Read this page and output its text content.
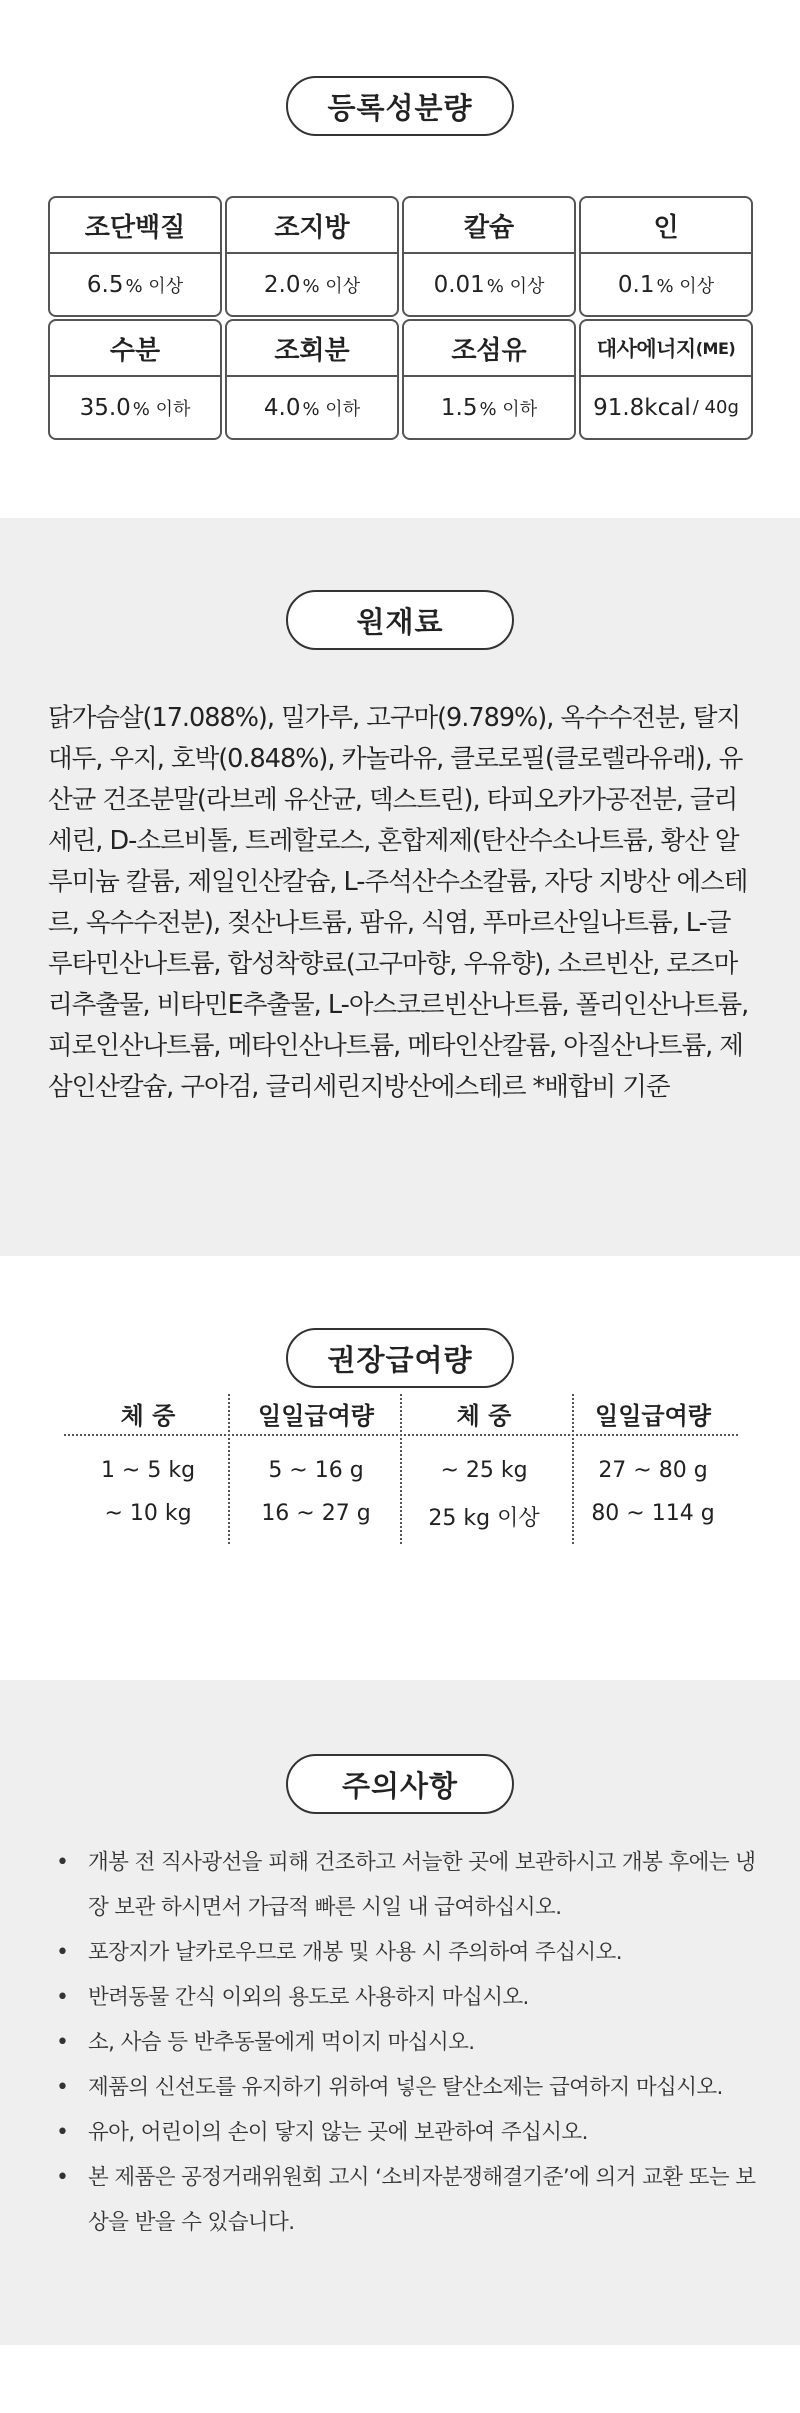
등록성분량
조단백질
6.5 % 이상
조지방
2.0 % 이상
칼슘
0.01 % 이상
인
0.1 % 이상
수분
35.0 % 이하
조회분
4.0 % 이하
조섬유
1.5 % 이하
대사에너지 (ME)
91.8kcal / 40g
원재료
닭가슴살(17.088%), 밀가루, 고구마(9.789%), 옥수수전분, 탈지대두, 우지, 호박(0.848%), 카놀라유, 클로로필(클로렐라유래), 유산균 건조분말(라브레 유산균, 덱스트린), 타피오카가공전분, 글리세린, D-소르비톨, 트레할로스, 혼합제제(탄산수소나트륨, 황산 알루미늄 칼륨, 제일인산칼슘, L-주석산수소칼륨, 자당 지방산 에스테르, 옥수수전분), 젖산나트륨, 팜유, 식염, 푸마르산일나트륨, L-글루타민산나트륨, 합성착향료(고구마향, 우유향), 소르빈산, 로즈마리추출물, 비타민E추출물, L-아스코르빈산나트륨, 폴리인산나트륨, 피로인산나트륨, 메타인산나트륨, 메타인산칼륨, 아질산나트륨, 제삼인산칼슘, 구아검, 글리세린지방산에스테르 *배합비 기준
권장급여량
체 중	일일급여량	체 중	일일급여량
1 ~ 5 kg	5 ~ 16 g	~ 25 kg	27 ~ 80 g
~ 10 kg	16 ~ 27 g	25 kg 이상	80 ~ 114 g
주의사항
• 개봉 전 직사광선을 피해 건조하고 서늘한 곳에 보관하시고 개봉 후에는 냉장 보관 하시면서 가급적 빠른 시일 내 급여하십시오.
• 포장지가 날카로우므로 개봉 및 사용 시 주의하여 주십시오.
• 반려동물 간식 이외의 용도로 사용하지 마십시오.
• 소, 사슴 등 반추동물에게 먹이지 마십시오.
• 제품의 신선도를 유지하기 위하여 넣은 탈산소제는 급여하지 마십시오.
• 유아, 어린이의 손이 닿지 않는 곳에 보관하여 주십시오.
• 본 제품은 공정거래위원회 고시 ‘소비자분쟁해결기준’에 의거 교환 또는 보상을 받을 수 있습니다.
